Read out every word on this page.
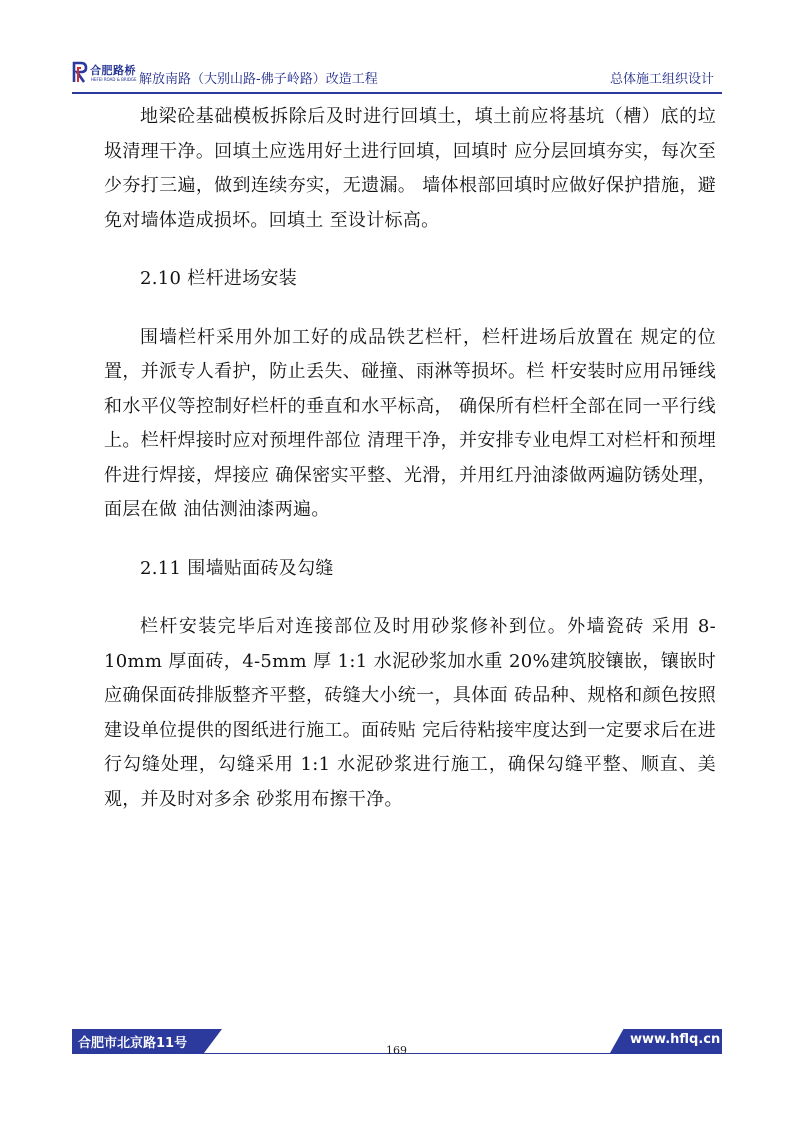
合肥路桥
HEFEI ROAD & BRIDGE 解放南路（大别山路-佛子岭路）改造工程	总体施工组织设计

地梁砼基础模板拆除后及时进行回填土，填土前应将基坑（槽）底的垃圾清理干净。回填土应选用好土进行回填，回填时 应分层回填夯实，每次至少夯打三遍，做到连续夯实，无遗漏。 墙体根部回填时应做好保护措施，避免对墙体造成损坏。回填土 至设计标高。

2.10 栏杆进场安装

围墙栏杆采用外加工好的成品铁艺栏杆，栏杆进场后放置在 规定的位置，并派专人看护，防止丢失、碰撞、雨淋等损坏。栏 杆安装时应用吊锤线和水平仪等控制好栏杆的垂直和水平标高， 确保所有栏杆全部在同一平行线上。栏杆焊接时应对预埋件部位 清理干净，并安排专业电焊工对栏杆和预埋件进行焊接，焊接应 确保密实平整、光滑，并用红丹油漆做两遍防锈处理，面层在做 油估测油漆两遍。

2.11 围墙贴面砖及勾缝

栏杆安装完毕后对连接部位及时用砂浆修补到位。外墙瓷砖 采用 8-10mm 厚面砖，4-5mm 厚 1:1 水泥砂浆加水重 20%建筑胶镶嵌，镶嵌时应确保面砖排版整齐平整，砖缝大小统一，具体面 砖品种、规格和颜色按照建设单位提供的图纸进行施工。面砖贴 完后待粘接牢度达到一定要求后在进行勾缝处理，勾缝采用 1:1 水泥砂浆进行施工，确保勾缝平整、顺直、美观，并及时对多余 砂浆用布擦干净。

合肥市北京路11号	www.hflq.cn
169
